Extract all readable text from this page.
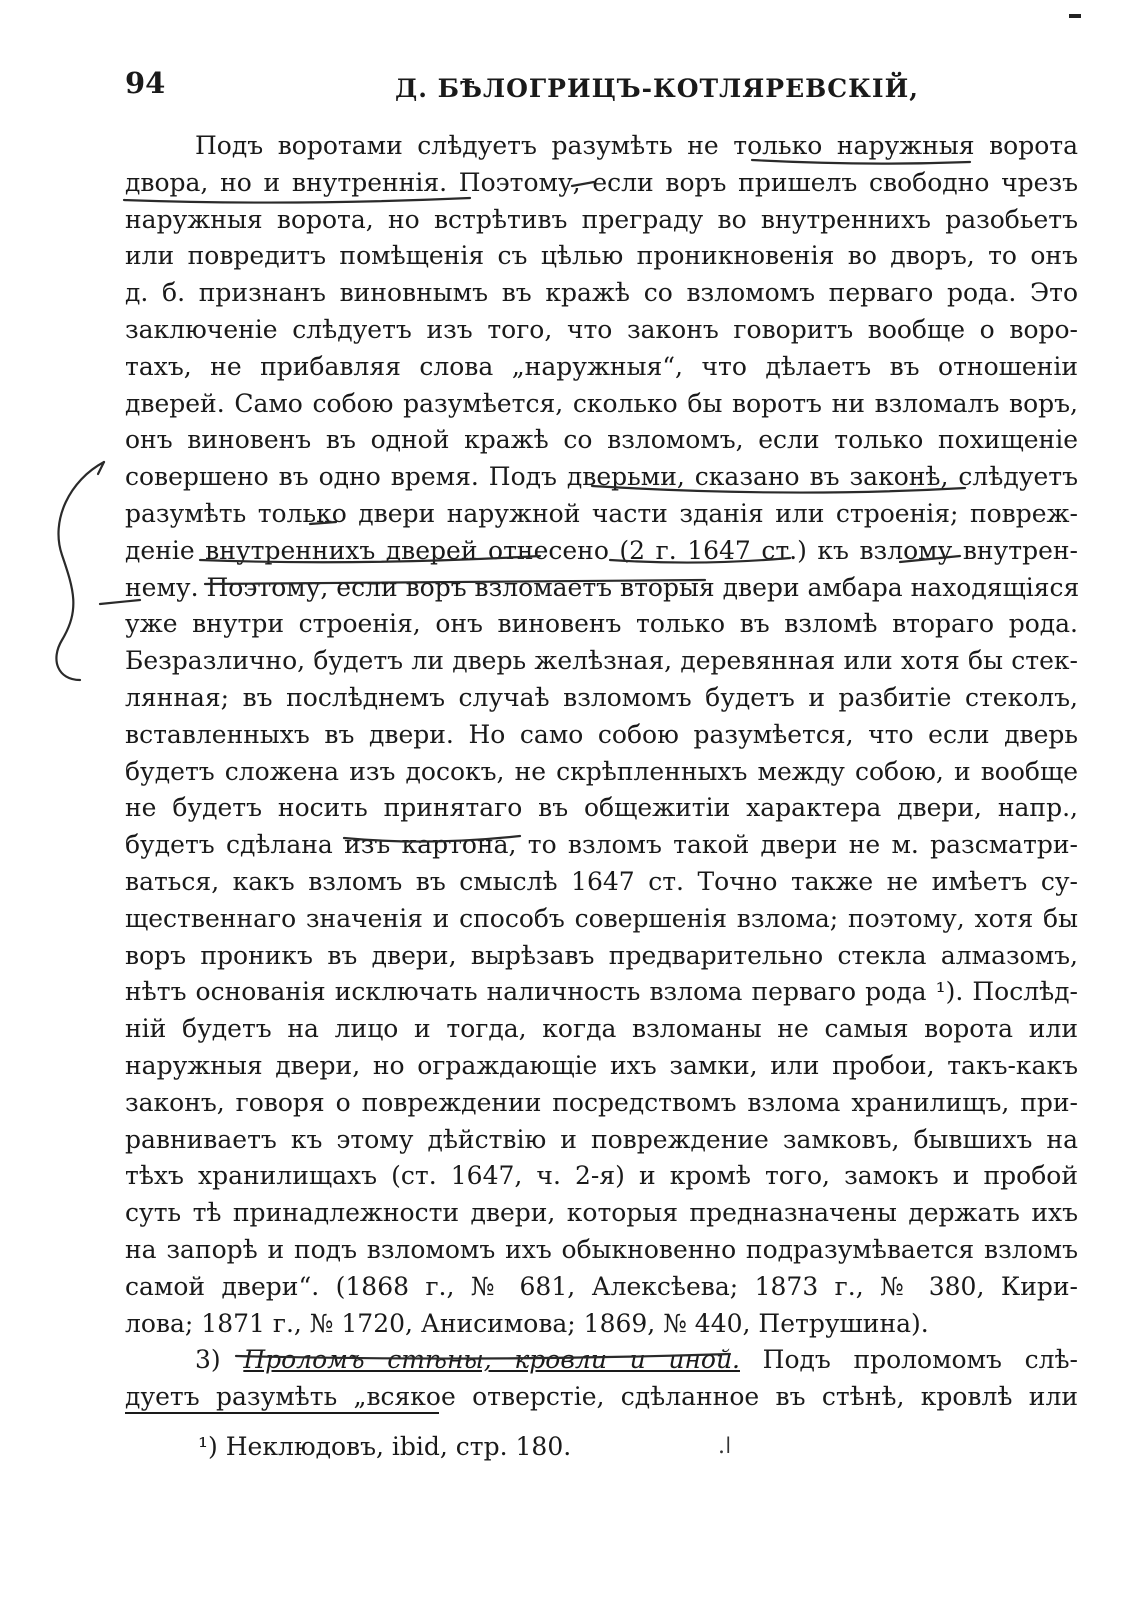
94	Д. БѢЛОГРИЦЪ-КОТЛЯРЕВСКІЙ,
Подъ воротами слѣдуетъ разумѣть не только наружныя ворота
двора, но и внутреннія. Поэтому, если воръ пришелъ свободно чрезъ
наружныя ворота, но встрѣтивъ преграду во внутреннихъ разобьетъ
или повредитъ помѣщенія съ цѣлью проникновенія во дворъ, то онъ
д. б. признанъ виновнымъ въ кражѣ со взломомъ перваго рода. Это
заключеніе слѣдуетъ изъ того, что законъ говоритъ вообще о воро-
тахъ, не прибавляя слова „наружныя“, что дѣлаетъ въ отношеніи
дверей. Само собою разумѣется, сколько бы воротъ ни взломалъ воръ,
онъ виновенъ въ одной кражѣ со взломомъ, если только похищеніе
совершено въ одно время. Подъ дверьми, сказано въ законѣ, слѣдуетъ
разумѣть только двери наружной части зданія или строенія; повреж-
деніе внутреннихъ дверей отнесено (2 г. 1647 ст.) къ взлому внутрен-
нему. Поэтому, если воръ взломаетъ вторыя двери амбара находящіяся
уже внутри строенія, онъ виновенъ только въ взломѣ втораго рода.
Безразлично, будетъ ли дверь желѣзная, деревянная или хотя бы стек-
лянная; въ послѣднемъ случаѣ взломомъ будетъ и разбитіе стеколъ,
вставленныхъ въ двери. Но само собою разумѣется, что если дверь
будетъ сложена изъ досокъ, не скрѣпленныхъ между собою, и вообще
не будетъ носить принятаго въ общежитіи характера двери, напр.,
будетъ сдѣлана изъ картона, то взломъ такой двери не м. разсматри-
ваться, какъ взломъ въ смыслѣ 1647 ст. Точно также не имѣетъ су-
щественнаго значенія и способъ совершенія взлома; поэтому, хотя бы
воръ проникъ въ двери, вырѣзавъ предварительно стекла алмазомъ,
нѣтъ основанія исключать наличность взлома перваго рода ¹). Послѣд-
ній будетъ на лицо и тогда, когда взломаны не самыя ворота или
наружныя двери, но ограждающіе ихъ замки, или пробои, такъ-какъ
законъ, говоря о повреждении посредствомъ взлома хранилищъ, при-
равниваетъ къ этому дѣйствію и повреждение замковъ, бывшихъ на
тѣхъ хранилищахъ (ст. 1647, ч. 2-я) и кромѣ того, замокъ и пробой
суть тѣ принадлежности двери, которыя предназначены держать ихъ
на запорѣ и подъ взломомъ ихъ обыкновенно подразумѣвается взломъ
самой двери“. (1868 г., № 681, Алексѣева; 1873 г., № 380, Кири-
лова; 1871 г., № 1720, Анисимова; 1869, № 440, Петрушина).
3) Проломъ стѣны, кровли и иной. Подъ проломомъ слѣ-
дуетъ разумѣть „всякое отверстіе, сдѣланное въ стѣнѣ, кровлѣ или
¹) Неклюдовъ, ibid, стр. 180.	.ǀ
